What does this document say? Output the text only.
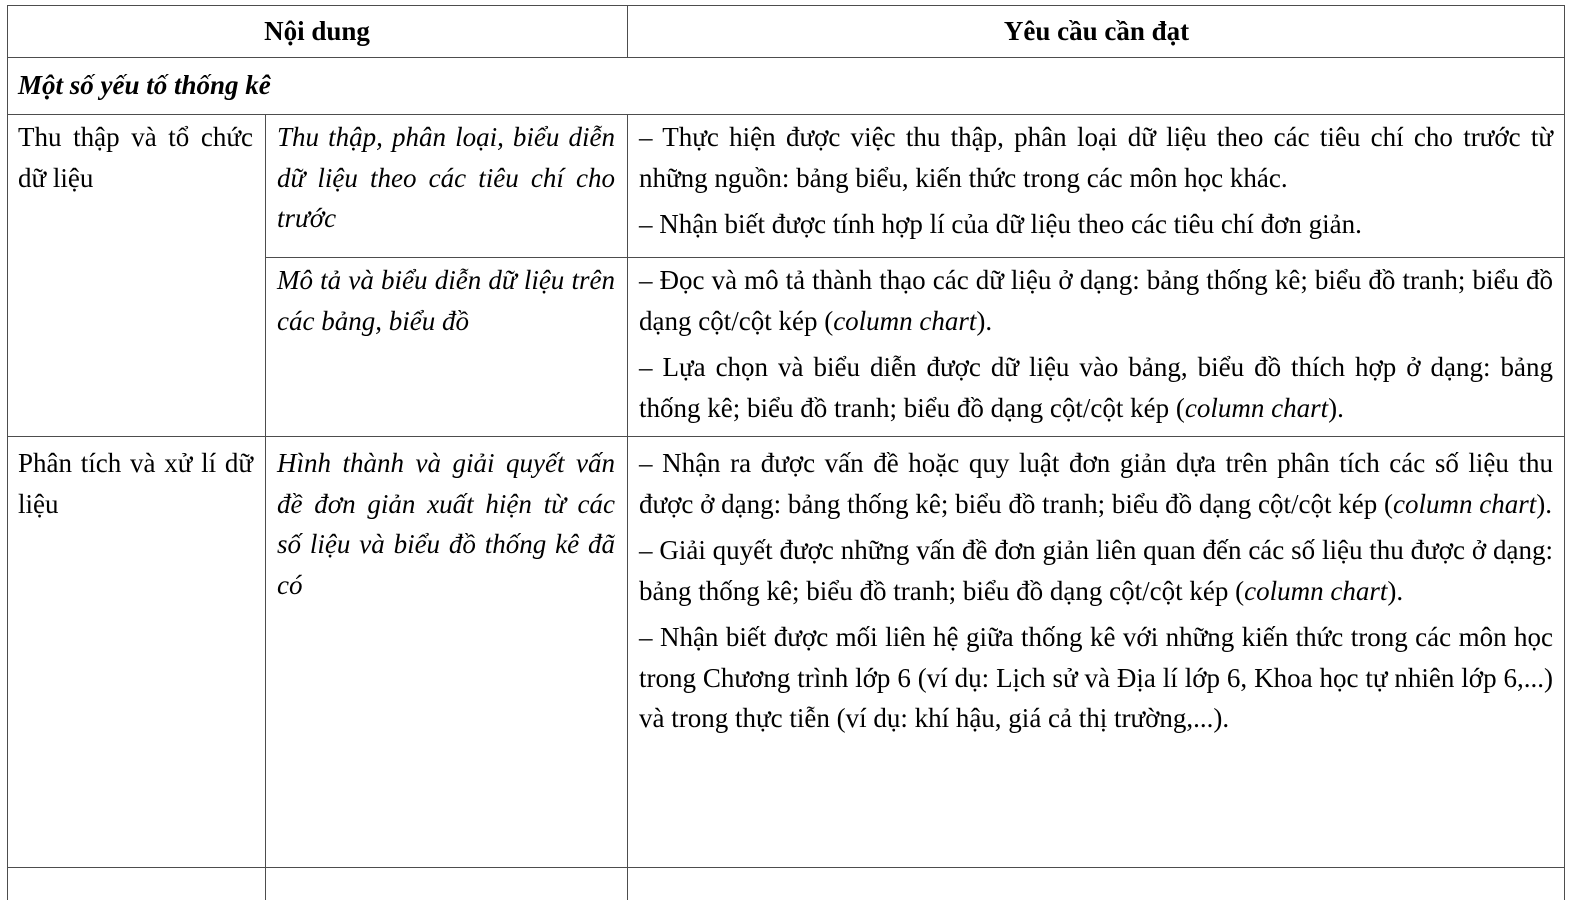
Nội dung	Yêu cầu cần đạt
Một số yếu tố thống kê
Thu thập và tổ chức dữ liệu
Thu thập, phân loại, biểu diễn dữ liệu theo các tiêu chí cho trước

– Thực hiện được việc thu thập, phân loại dữ liệu theo các tiêu chí cho trước từ những nguồn: bảng biểu, kiến thức trong các môn học khác.

– Nhận biết được tính hợp lí của dữ liệu theo các tiêu chí đơn giản.

Mô tả và biểu diễn dữ liệu trên các bảng, biểu đồ

– Đọc và mô tả thành thạo các dữ liệu ở dạng: bảng thống kê; biểu đồ tranh; biểu đồ dạng cột/cột kép (column chart).

– Lựa chọn và biểu diễn được dữ liệu vào bảng, biểu đồ thích hợp ở dạng: bảng thống kê; biểu đồ tranh; biểu đồ dạng cột/cột kép (column chart).

Phân tích và xử lí dữ liệu
Hình thành và giải quyết vấn đề đơn giản xuất hiện từ các số liệu và biểu đồ thống kê đã có

– Nhận ra được vấn đề hoặc quy luật đơn giản dựa trên phân tích các số liệu thu được ở dạng: bảng thống kê; biểu đồ tranh; biểu đồ dạng cột/cột kép (column chart).

– Giải quyết được những vấn đề đơn giản liên quan đến các số liệu thu được ở dạng: bảng thống kê; biểu đồ tranh; biểu đồ dạng cột/cột kép (column chart).

– Nhận biết được mối liên hệ giữa thống kê với những kiến thức trong các môn học trong Chương trình lớp 6 (ví dụ: Lịch sử và Địa lí lớp 6, Khoa học tự nhiên lớp 6,...) và trong thực tiễn (ví dụ: khí hậu, giá cả thị trường,...).
